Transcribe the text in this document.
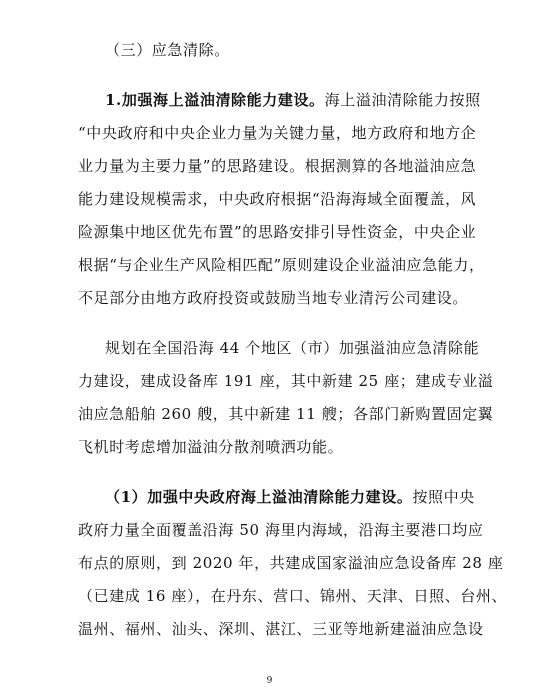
（三）应急清除。
1.加强海上溢油清除能力建设。海上溢油清除能力按照
“中央政府和中央企业力量为关键力量，地方政府和地方企
业力量为主要力量”的思路建设。根据测算的各地溢油应急
能力建设规模需求，中央政府根据“沿海海域全面覆盖，风
险源集中地区优先布置”的思路安排引导性资金，中央企业
根据“与企业生产风险相匹配”原则建设企业溢油应急能力，
不足部分由地方政府投资或鼓励当地专业清污公司建设。
规划在全国沿海 44 个地区（市）加强溢油应急清除能
力建设，建成设备库 191 座，其中新建 25 座；建成专业溢
油应急船舶 260 艘，其中新建 11 艘；各部门新购置固定翼
飞机时考虑增加溢油分散剂喷洒功能。
（1）加强中央政府海上溢油清除能力建设。按照中央
政府力量全面覆盖沿海 50 海里内海域，沿海主要港口均应
布点的原则，到 2020 年，共建成国家溢油应急设备库 28 座
（已建成 16 座），在丹东、营口、锦州、天津、日照、台州、
温州、福州、汕头、深圳、湛江、三亚等地新建溢油应急设
9
